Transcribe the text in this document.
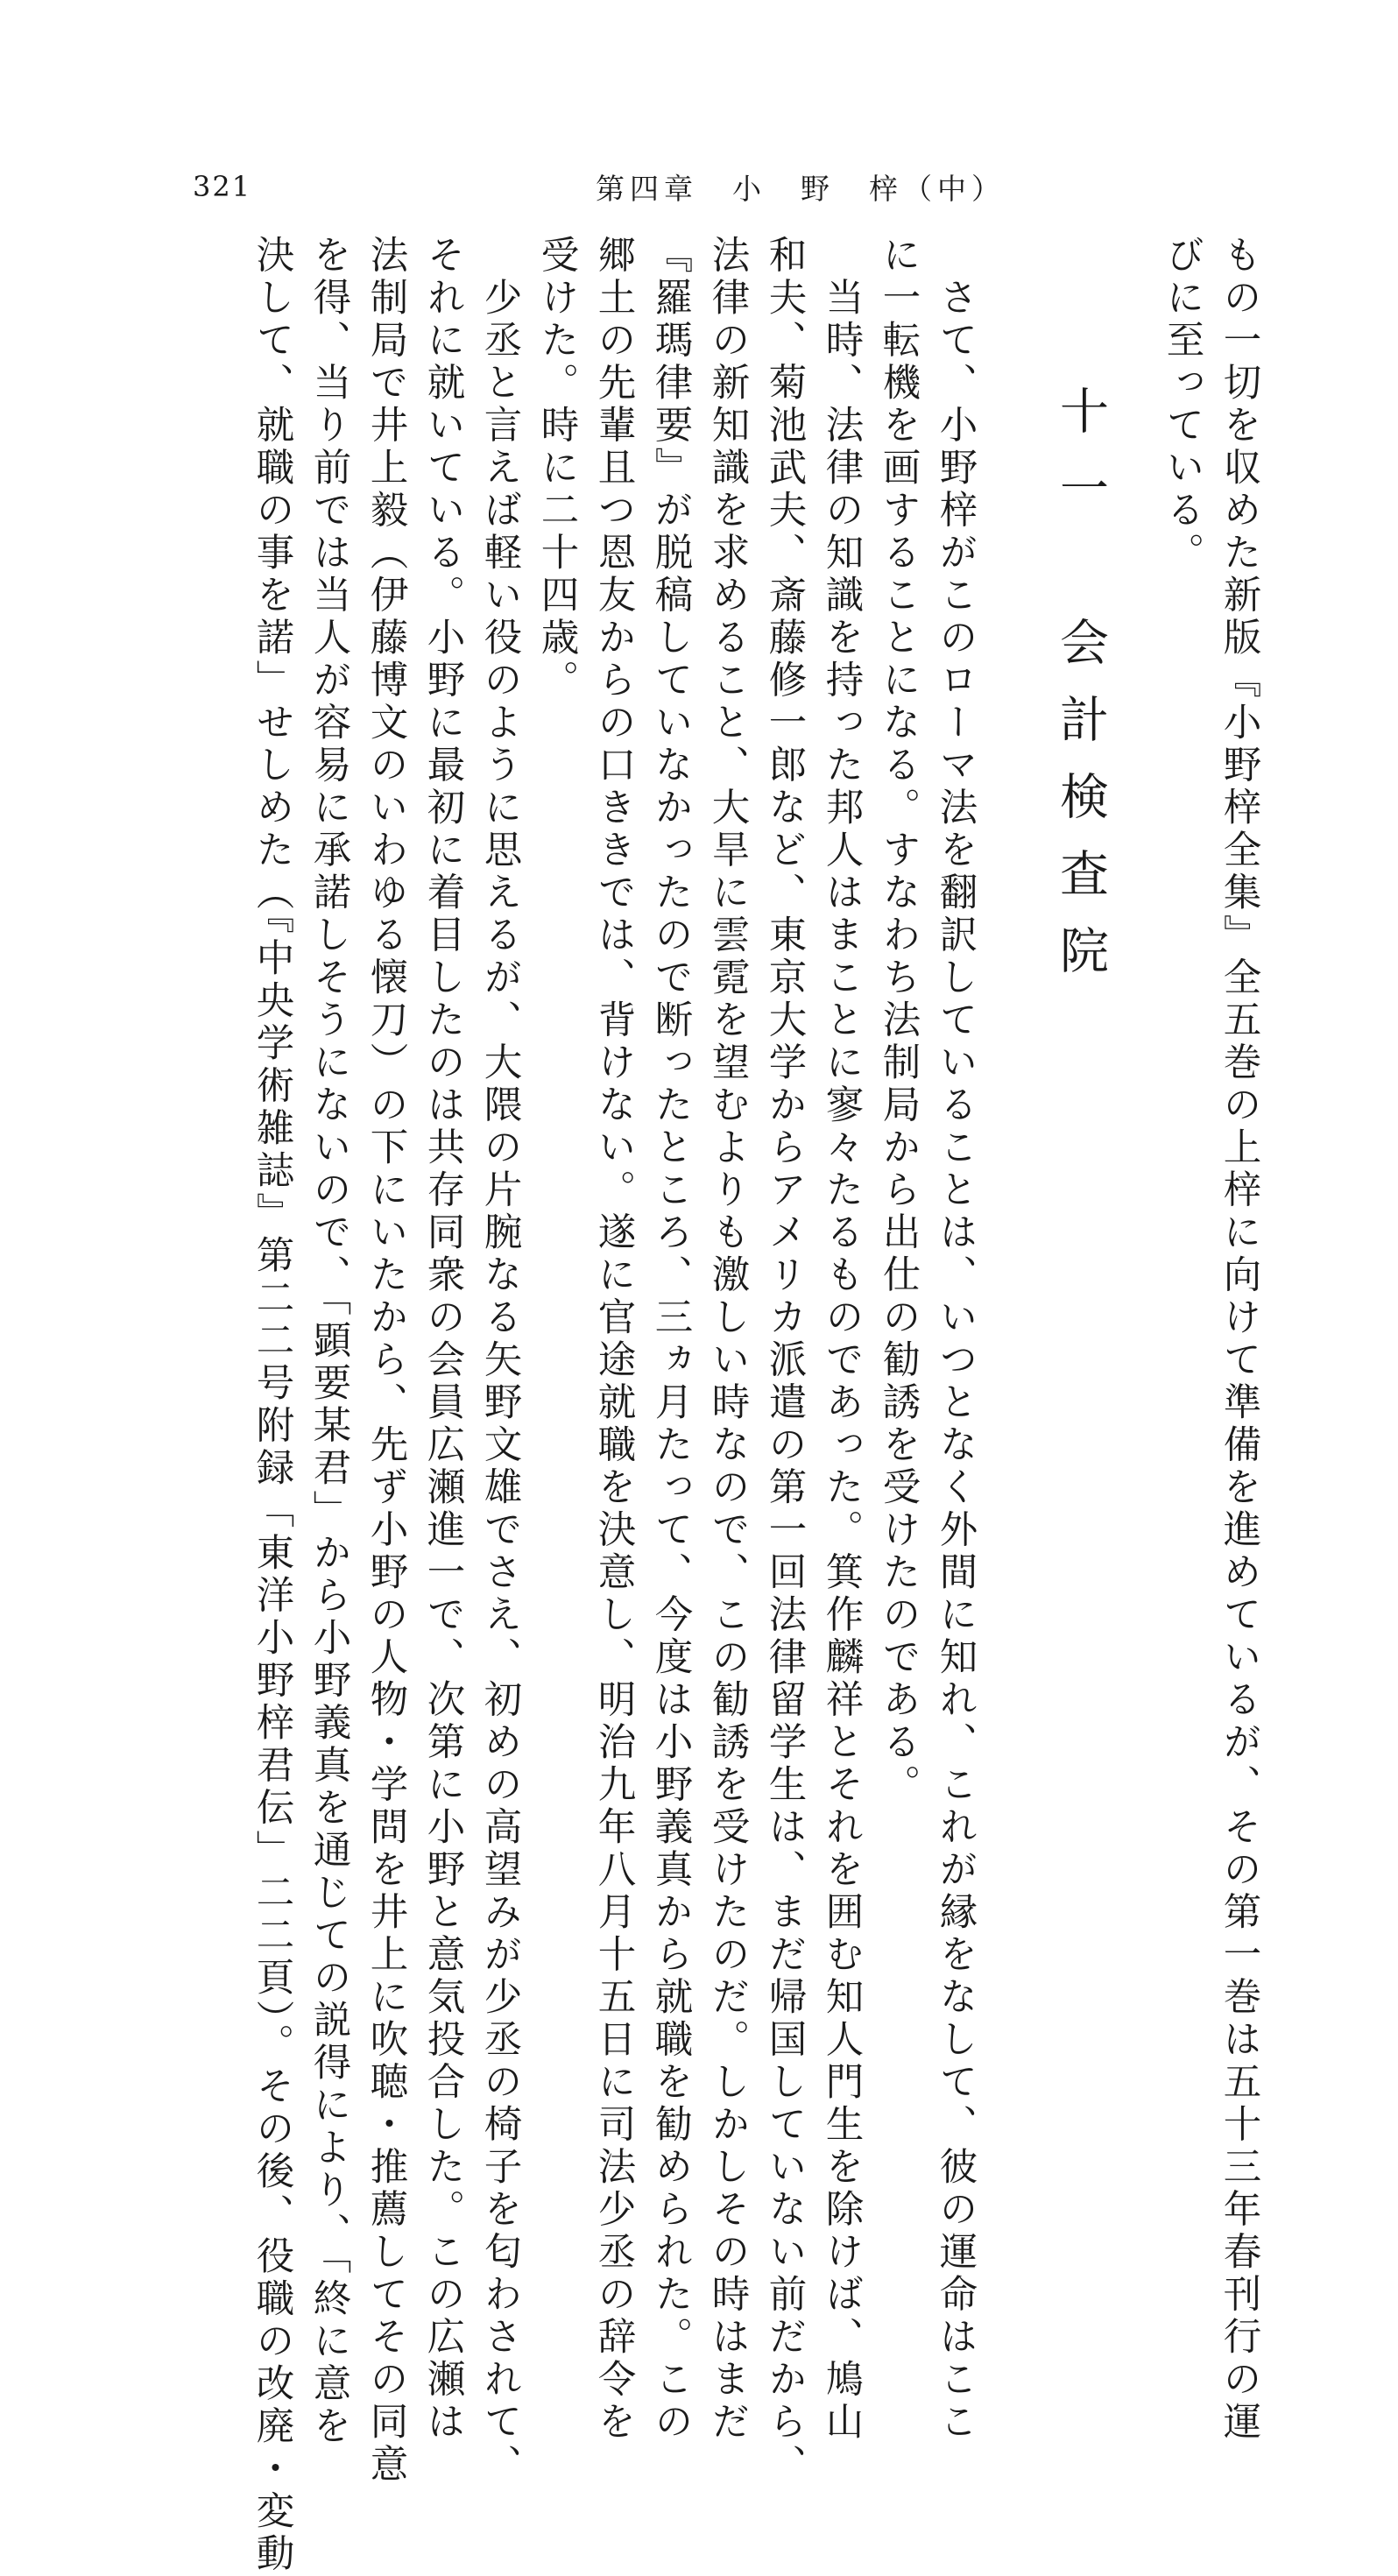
321	第四章　小　野　梓（中）
もの一切を収めた新版『小野梓全集』全五巻の上梓に向けて準備を進めているが、その第一巻は五十三年春刊行の運
びに至っている。
十一　会計検査院
　さて、小野梓がこのローマ法を翻訳していることは、いつとなく外間に知れ、これが縁をなして、彼の運命はここ
に一転機を画することになる。すなわち法制局から出仕の勧誘を受けたのである。
　当時、法律の知識を持った邦人はまことに寥々たるものであった。箕作麟祥とそれを囲む知人門生を除けば、鳩山
和夫、菊池武夫、斎藤修一郎など、東京大学からアメリカ派遣の第一回法律留学生は、まだ帰国していない前だから、
法律の新知識を求めること、大旱に雲霓を望むよりも激しい時なので、この勧誘を受けたのだ。しかしその時はまだ
『羅瑪律要』が脱稿していなかったので断ったところ、三ヵ月たって、今度は小野義真から就職を勧められた。この
郷土の先輩且つ恩友からの口ききでは、背けない。遂に官途就職を決意し、明治九年八月十五日に司法少丞の辞令を
受けた。時に二十四歳。
　少丞と言えば軽い役のように思えるが、大隈の片腕なる矢野文雄でさえ、初めの高望みが少丞の椅子を匂わされて、
それに就いている。小野に最初に着目したのは共存同衆の会員広瀬進一で、次第に小野と意気投合した。この広瀬は
法制局で井上毅（伊藤博文のいわゆる懐刀）の下にいたから、先ず小野の人物・学問を井上に吹聴・推薦してその同意
を得、当り前では当人が容易に承諾しそうにないので、「顕要某君」から小野義真を通じての説得により、「終に意を
決して、就職の事を諾」せしめた（『中央学術雑誌』第二二号附録「東洋小野梓君伝」二二頁）。その後、役職の改廃・変動
